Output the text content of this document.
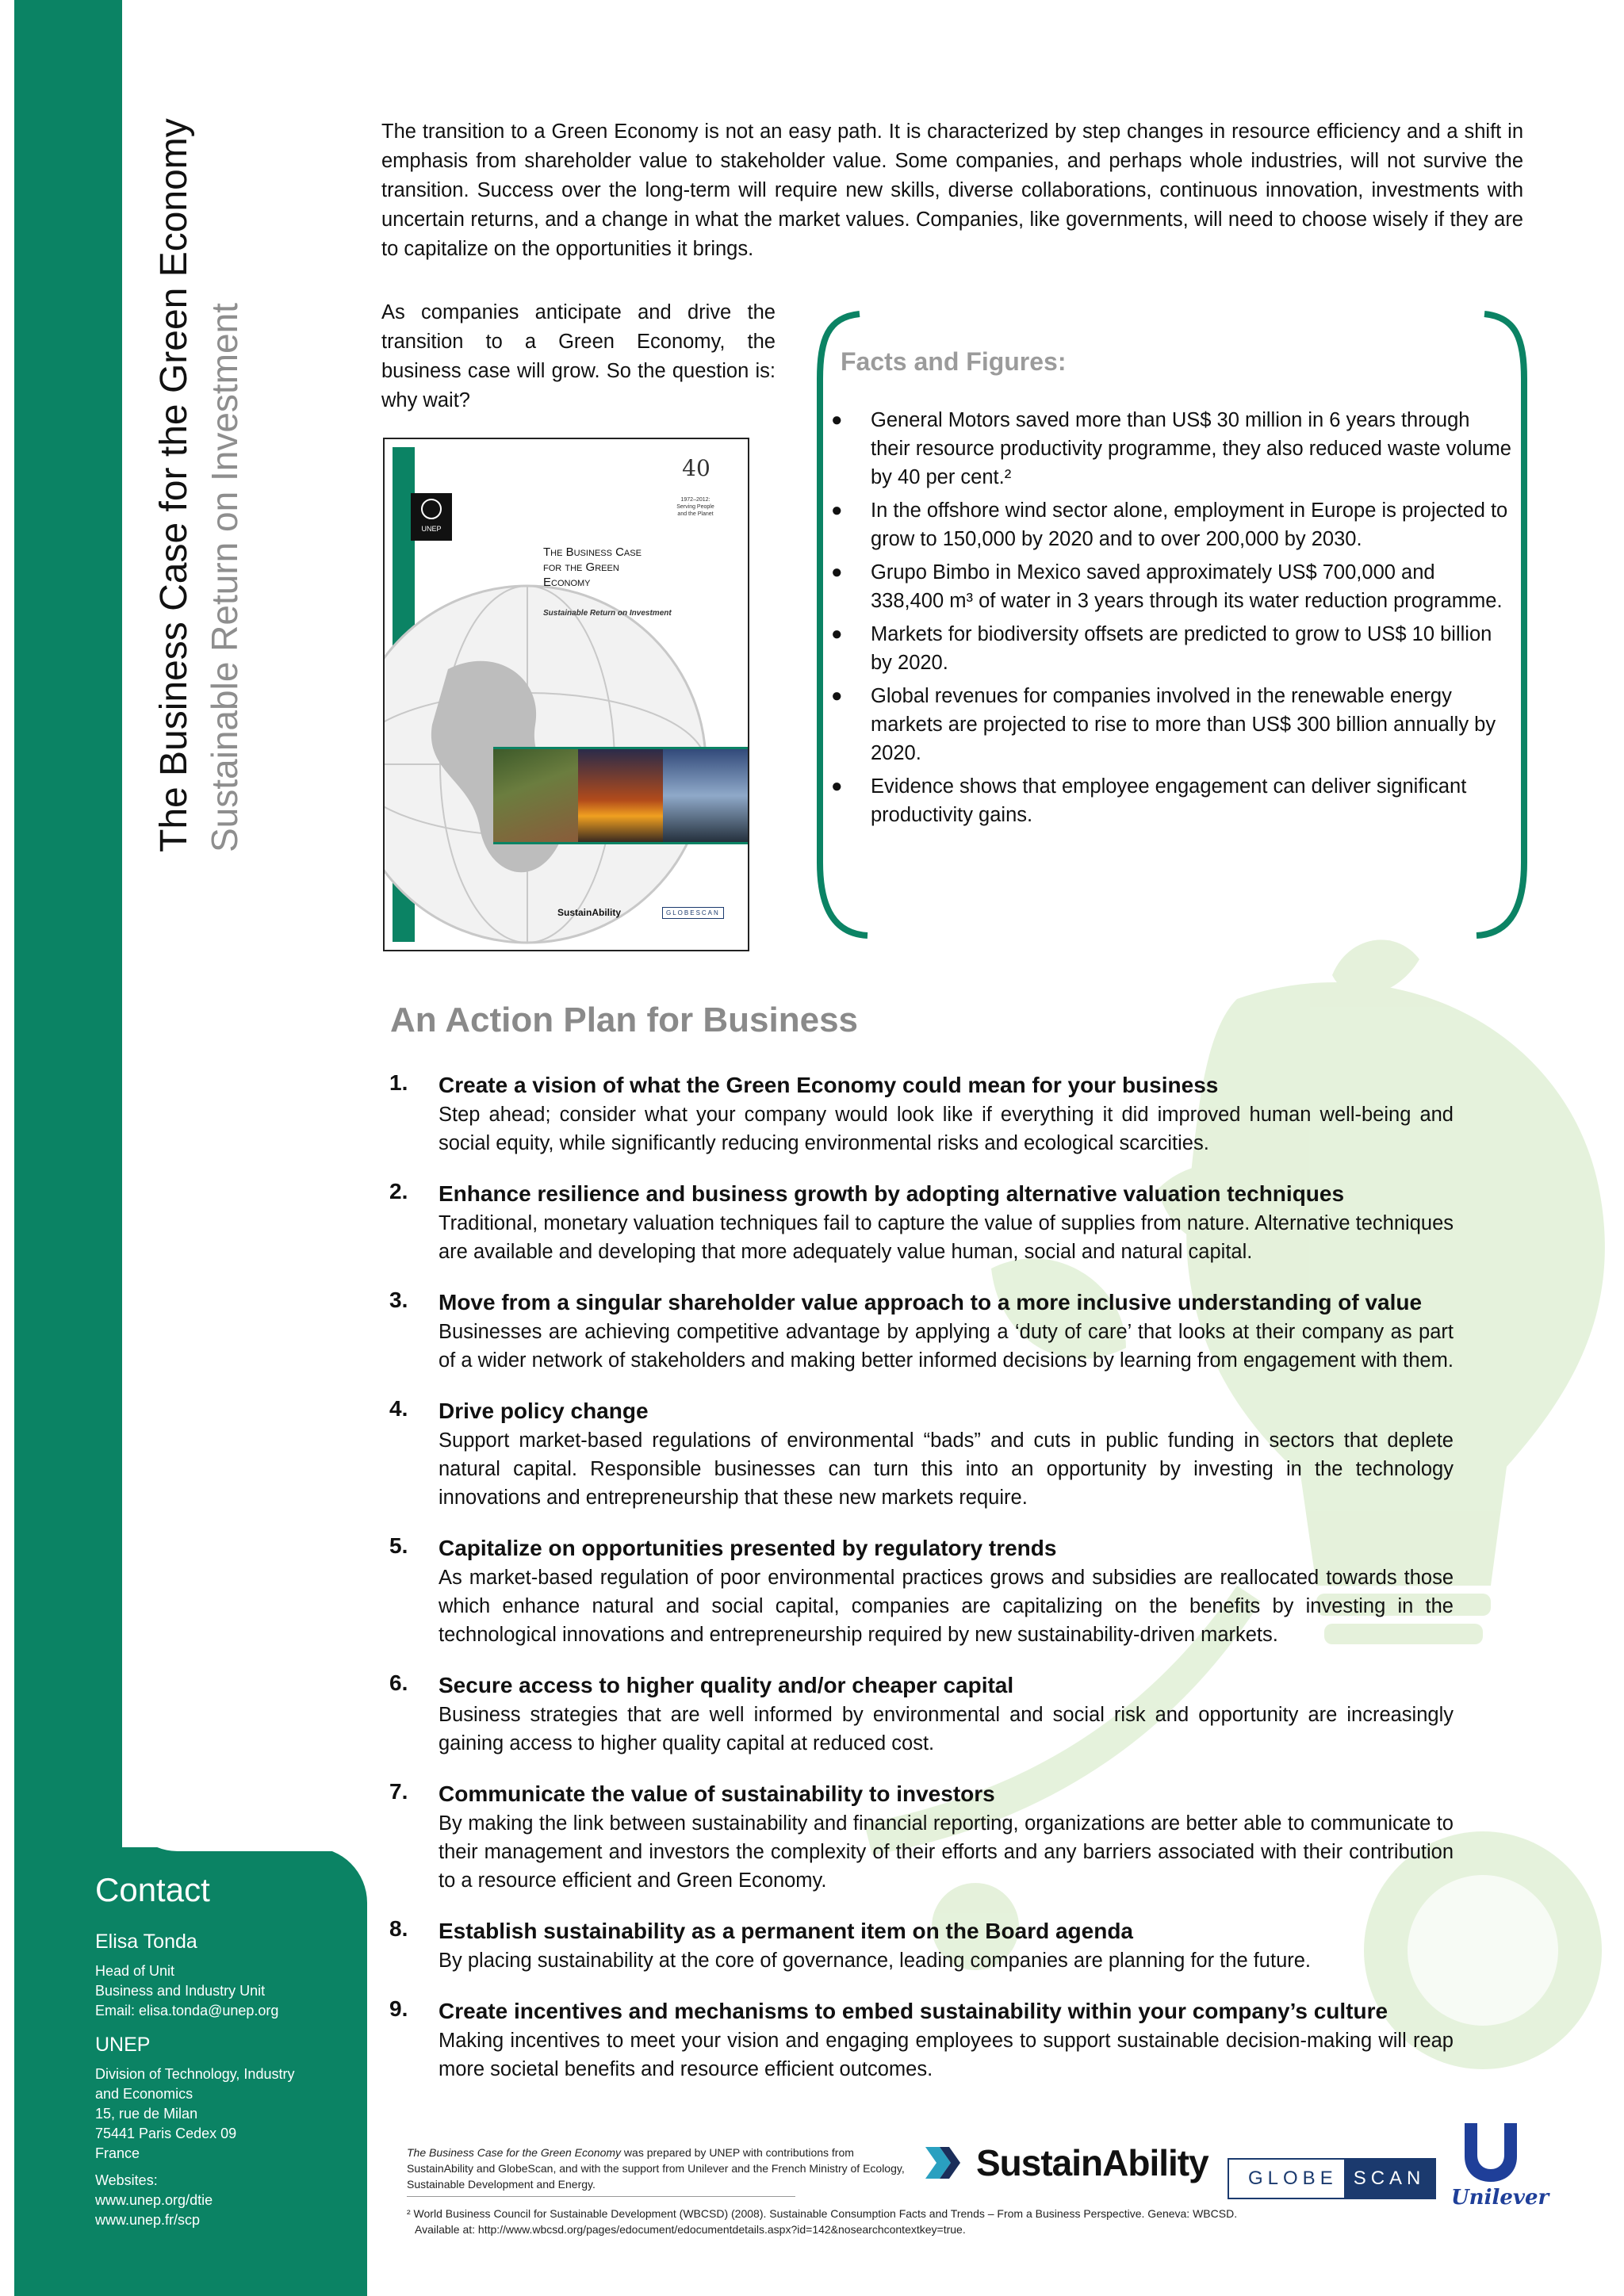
The Business Case for the Green Economy Sustainable Return on Investment

The transition to a Green Economy is not an easy path. It is characterized by step changes in resource efficiency and a shift in emphasis from shareholder value to stakeholder value. Some companies, and perhaps whole industries, will not survive the transition. Success over the long-term will require new skills, diverse collaborations, continuous innovation, investments with uncertain returns, and a change in what the market values. Companies, like governments, will need to choose wisely if they are to capitalize on the opportunities it brings.

As companies anticipate and drive the transition to a Green Economy, the business case will grow. So the question is: why wait?

UNEP
40
1972–2012:
Serving People
and the Planet
The Business Case
for the Green
Economy
Sustainable Return on Investment
SustainAbility	GLOBESCAN
Facts and Figures:
● General Motors saved more than US$ 30 million in 6 years through their resource productivity programme, they also reduced waste volume by 40 per cent.²
● In the offshore wind sector alone, employment in Europe is projected to grow to 150,000 by 2020 and to over 200,000 by 2030.
● Grupo Bimbo in Mexico saved approximately US$ 700,000 and 338,400 m³ of water in 3 years through its water reduction programme.
● Markets for biodiversity offsets are predicted to grow to US$ 10 billion by 2020.
● Global revenues for companies involved in the renewable energy markets are projected to rise to more than US$ 300 billion annually by 2020.
● Evidence shows that employee engagement can deliver significant productivity gains.
An Action Plan for Business
1. Create a vision of what the Green Economy could mean for your business
Step ahead; consider what your company would look like if everything it did improved human well-being and social equity, while significantly reducing environmental risks and ecological scarcities.
2. Enhance resilience and business growth by adopting alternative valuation techniques
Traditional, monetary valuation techniques fail to capture the value of supplies from nature. Alternative techniques are available and developing that more adequately value human, social and natural capital.
3. Move from a singular shareholder value approach to a more inclusive understanding of value
Businesses are achieving competitive advantage by applying a ‘duty of care’ that looks at their company as part of a wider network of stakeholders and making better informed decisions by learning from engagement with them.
4. Drive policy change
Support market-based regulations of environmental “bads” and cuts in public funding in sectors that deplete natural capital. Responsible businesses can turn this into an opportunity by investing in the technology innovations and entrepreneurship that these new markets require.
5. Capitalize on opportunities presented by regulatory trends
As market-based regulation of poor environmental practices grows and subsidies are reallocated towards those which enhance natural and social capital, companies are capitalizing on the benefits by investing in the technological innovations and entrepreneurship required by new sustainability-driven markets.
6. Secure access to higher quality and/or cheaper capital
Business strategies that are well informed by environmental and social risk and opportunity are increasingly gaining access to higher quality capital at reduced cost.
7. Communicate the value of sustainability to investors
By making the link between sustainability and financial reporting, organizations are better able to communicate to their management and investors the complexity of their efforts and any barriers associated with their contribution to a resource efficient and Green Economy.
8. Establish sustainability as a permanent item on the Board agenda
By placing sustainability at the core of governance, leading companies are planning for the future.
9. Create incentives and mechanisms to embed sustainability within your company’s culture
Making incentives to meet your vision and engaging employees to support sustainable decision-making will reap more societal benefits and resource efficient outcomes.
Contact
Elisa Tonda
Head of Unit
Business and Industry Unit
Email: elisa.tonda@unep.org
UNEP
Division of Technology, Industry
and Economics
15, rue de Milan
75441 Paris Cedex 09
France
Websites:
www.unep.org/dtie
www.unep.fr/scp
The Business Case for the Green Economy was prepared by UNEP with contributions from SustainAbility and GlobeScan, and with the support from Unilever and the French Ministry of Ecology, Sustainable Development and Energy.
² World Business Council for Sustainable Development (WBCSD) (2008). Sustainable Consumption Facts and Trends – From a Business Perspective. Geneva: WBCSD.
Available at: http://www.wbcsd.org/pages/edocument/edocumentdetails.aspx?id=142&nosearchcontextkey=true.
SustainAbility	GLOBE SCAN
Unilever
